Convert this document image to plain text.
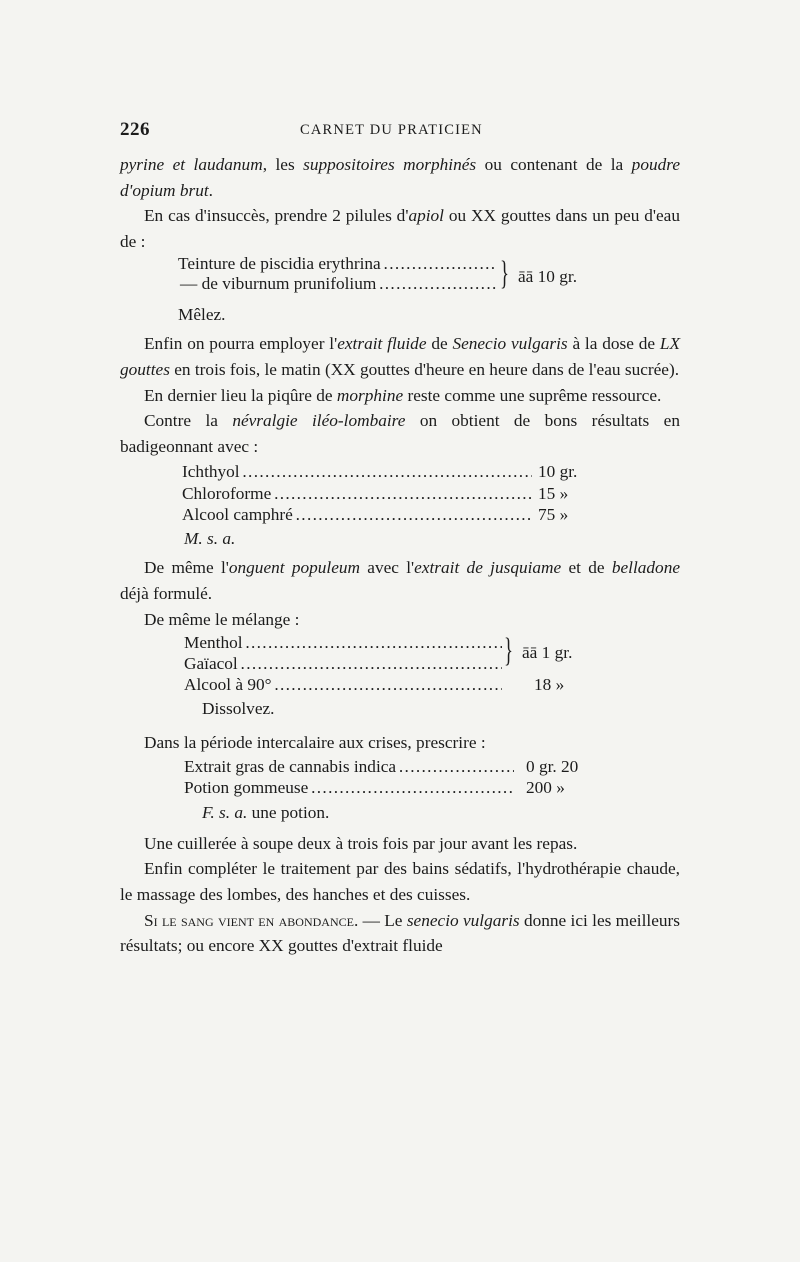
226	CARNET DU PRATICIEN

pyrine et laudanum, les suppositoires morphinés ou contenant de la poudre d'opium brut.

En cas d'insuccès, prendre 2 pilules d'apiol ou XX gouttes dans un peu d'eau de :

Teinture de piscidia erythrina . . .
— de viburnum prunifolium . . .	} āā 10 gr.
Mêlez.

Enfin on pourra employer l'extrait fluide de Senecio vulgaris à la dose de LX gouttes en trois fois, le matin (XX gouttes d'heure en heure dans de l'eau sucrée).

En dernier lieu la piqûre de morphine reste comme une suprême ressource.

Contre la névralgie iléo-lombaire on obtient de bons résultats en badigeonnant avec :

Ichthyol . . .	10 gr.
Chloroforme . . .	15 »
Alcool camphré . . .	75 »
M. s. a.

De même l'onguent populeum avec l'extrait de jusquiame et de belladone déjà formulé.

De même le mélange :

Menthol . . .
Gaïacol . . .	} āā 1 gr.
Alcool à 90° . . .	18 »
Dissolvez.

Dans la période intercalaire aux crises, prescrire :

Extrait gras de cannabis indica . . .	0 gr. 20
Potion gommeuse . . .	200 »
F. s. a. une potion.

Une cuillerée à soupe deux à trois fois par jour avant les repas.

Enfin compléter le traitement par des bains sédatifs, l'hydrothérapie chaude, le massage des lombes, des hanches et des cuisses.

Si le sang vient en abondance. — Le senecio vulgaris donne ici les meilleurs résultats; ou encore XX gouttes d'extrait fluide
